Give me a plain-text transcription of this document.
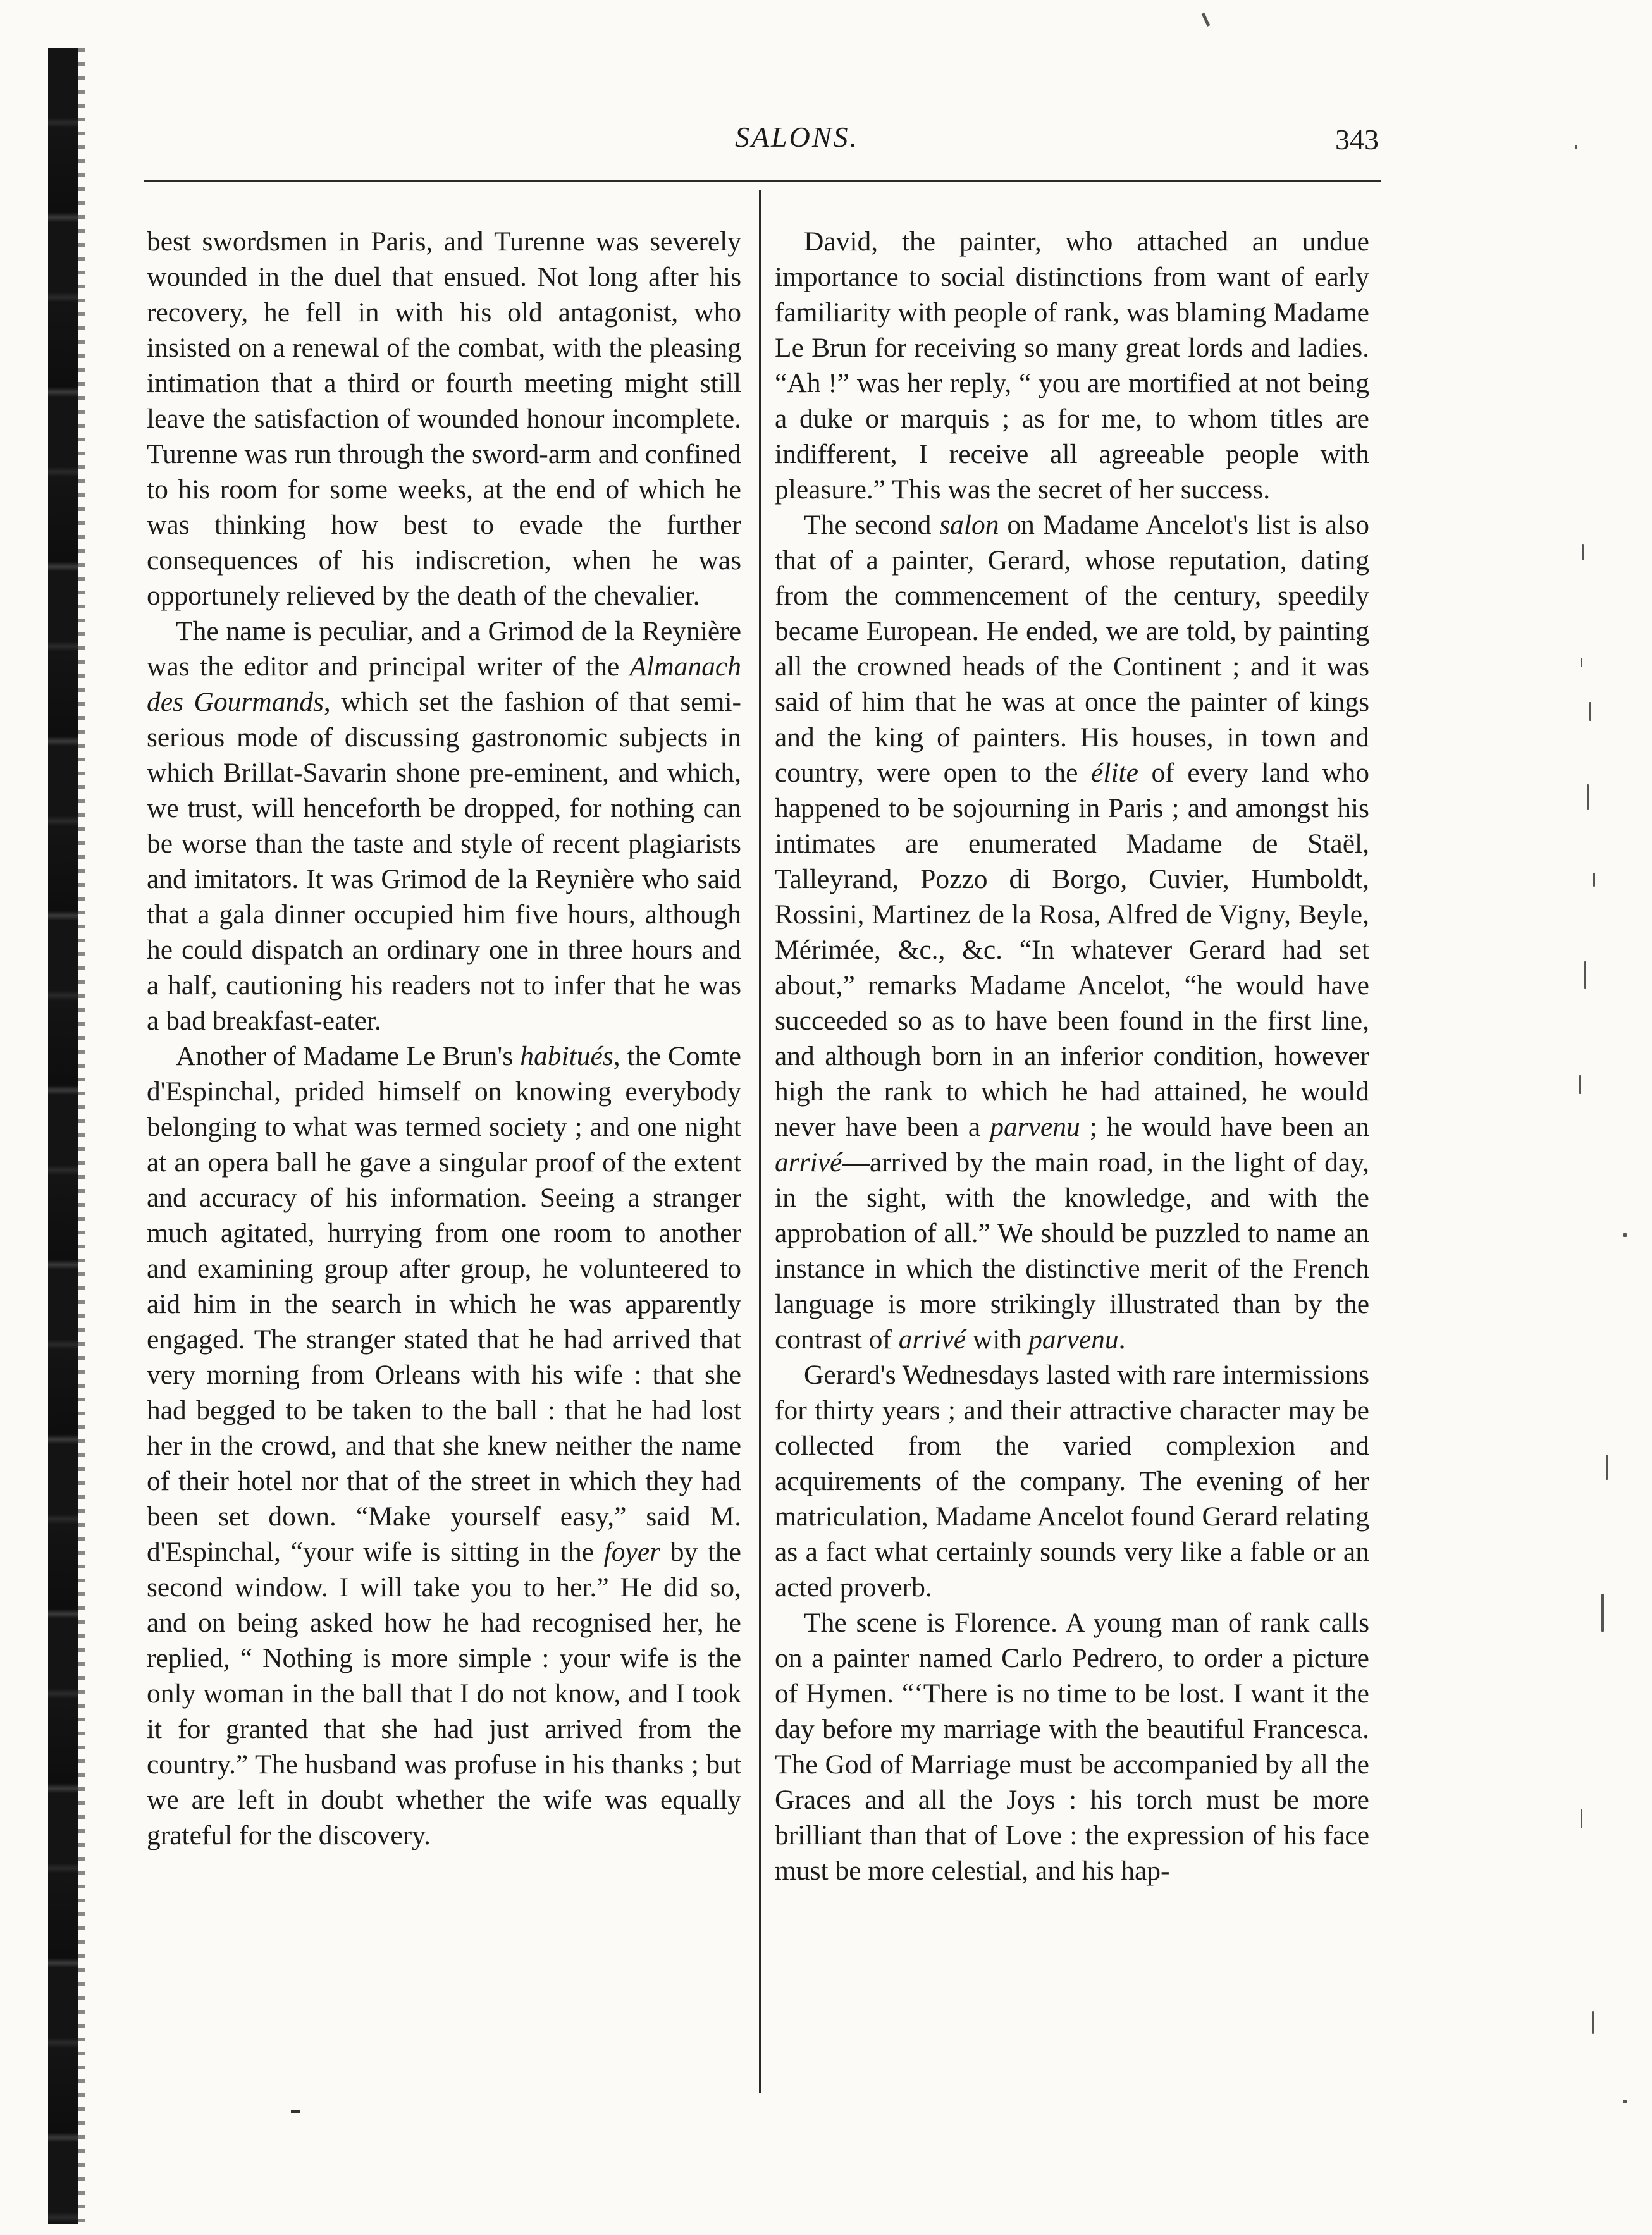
SALONS.	343

best swordsmen in Paris, and Turenne was severely wounded in the duel that ensued. Not long after his recovery, he fell in with his old antagonist, who insisted on a renewal of the combat, with the pleasing intimation that a third or fourth meeting might still leave the satisfaction of wounded honour incomplete. Turenne was run through the sword-arm and confined to his room for some weeks, at the end of which he was thinking how best to evade the further consequences of his indiscretion, when he was opportunely relieved by the death of the chevalier.

The name is peculiar, and a Grimod de la Reynière was the editor and principal writer of the Almanach des Gourmands, which set the fashion of that semi-serious mode of discussing gastronomic subjects in which Brillat-Savarin shone pre-eminent, and which, we trust, will henceforth be dropped, for nothing can be worse than the taste and style of recent plagiarists and imitators. It was Grimod de la Reynière who said that a gala dinner occupied him five hours, although he could dispatch an ordinary one in three hours and a half, cautioning his readers not to infer that he was a bad breakfast-eater.

Another of Madame Le Brun's habitués, the Comte d'Espinchal, prided himself on knowing everybody belonging to what was termed society ; and one night at an opera ball he gave a singular proof of the extent and accuracy of his information. Seeing a stranger much agitated, hurrying from one room to another and examining group after group, he volunteered to aid him in the search in which he was apparently engaged. The stranger stated that he had arrived that very morning from Orleans with his wife : that she had begged to be taken to the ball : that he had lost her in the crowd, and that she knew neither the name of their hotel nor that of the street in which they had been set down. “Make yourself easy,” said M. d'Espinchal, “your wife is sitting in the foyer by the second window. I will take you to her.” He did so, and on being asked how he had recognised her, he replied, “ Nothing is more simple : your wife is the only woman in the ball that I do not know, and I took it for granted that she had just arrived from the country.” The husband was profuse in his thanks ; but we are left in doubt whether the wife was equally grateful for the discovery.

David, the painter, who attached an undue importance to social distinctions from want of early familiarity with people of rank, was blaming Madame Le Brun for receiving so many great lords and ladies. “Ah !” was her reply, “ you are mortified at not being a duke or marquis ; as for me, to whom titles are indifferent, I receive all agreeable people with pleasure.” This was the secret of her success.

The second salon on Madame Ancelot's list is also that of a painter, Gerard, whose reputation, dating from the commencement of the century, speedily became European. He ended, we are told, by painting all the crowned heads of the Continent ; and it was said of him that he was at once the painter of kings and the king of painters. His houses, in town and country, were open to the élite of every land who happened to be sojourning in Paris ; and amongst his intimates are enumerated Madame de Staël, Talleyrand, Pozzo di Borgo, Cuvier, Humboldt, Rossini, Martinez de la Rosa, Alfred de Vigny, Beyle, Mérimée, &c., &c. “In whatever Gerard had set about,” remarks Madame Ancelot, “he would have succeeded so as to have been found in the first line, and although born in an inferior condition, however high the rank to which he had attained, he would never have been a parvenu ; he would have been an arrivé—arrived by the main road, in the light of day, in the sight, with the knowledge, and with the approbation of all.” We should be puzzled to name an instance in which the distinctive merit of the French language is more strikingly illustrated than by the contrast of arrivé with parvenu.

Gerard's Wednesdays lasted with rare intermissions for thirty years ; and their attractive character may be collected from the varied complexion and acquirements of the company. The evening of her matriculation, Madame Ancelot found Gerard relating as a fact what certainly sounds very like a fable or an acted proverb.

The scene is Florence. A young man of rank calls on a painter named Carlo Pedrero, to order a picture of Hymen. “‘There is no time to be lost. I want it the day before my marriage with the beautiful Francesca. The God of Marriage must be accompanied by all the Graces and all the Joys : his torch must be more brilliant than that of Love : the expression of his face must be more celestial, and his hap-
